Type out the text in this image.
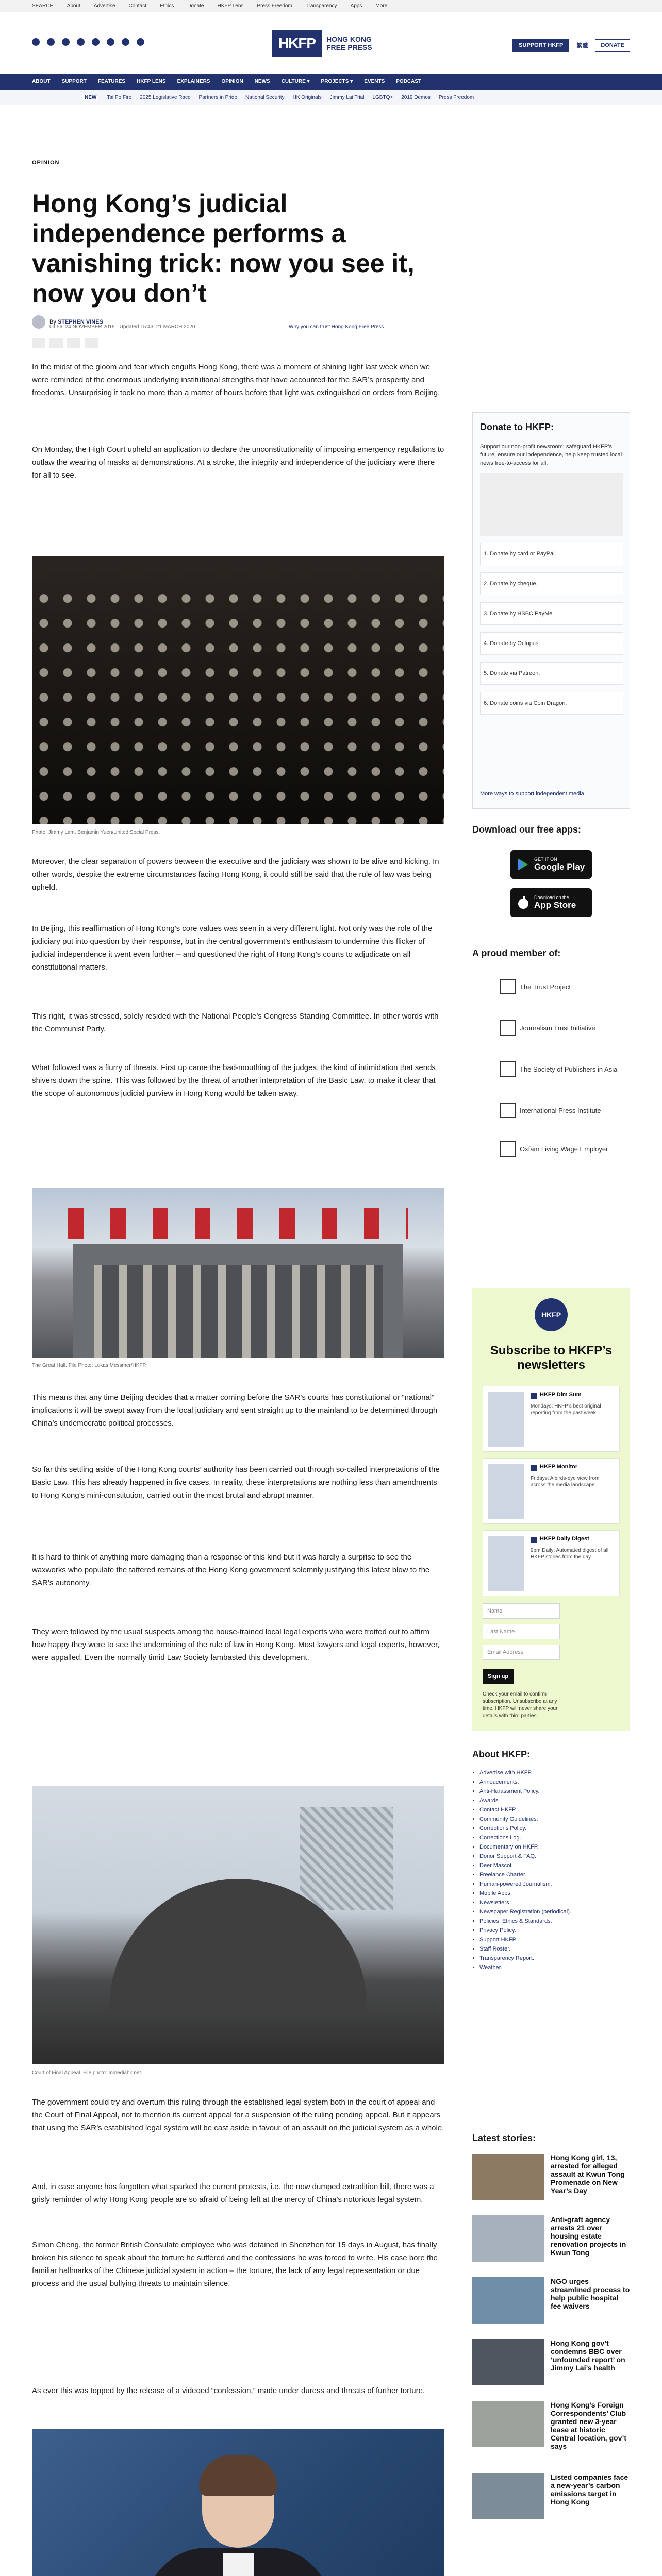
SEARCH	About	Advertise	Contact	Ethics	Donate	HKFP Lens	Press Freedom	Transparency	Apps	More
HKFP	HONG KONG
FREE PRESS	SUPPORT HKFP	繁體	DONATE
ABOUT SUPPORT FEATURES HKFP LENS EXPLAINERS OPINION NEWS CULTURE ▾ PROJECTS ▾ EVENTS PODCAST
NEW	Tai Po Fire 2025 Legislative Race Partners in Pride National Security HK Originals Jimmy Lai Trial LGBTQ+ 2019 Demos Press Freedom
OPINION
Hong Kong’s judicial independence performs a vanishing trick: now you see it, now you don’t
By STEPHEN VINES
09:56, 24 NOVEMBER 2019 · Updated 15:43, 21 MARCH 2020	Why you can trust Hong Kong Free Press

In the midst of the gloom and fear which engulfs Hong Kong, there was a moment of shining light last week when we were reminded of the enormous underlying institutional strengths that have accounted for the SAR’s prosperity and freedoms. Unsurprising it took no more than a matter of hours before that light was extinguished on orders from Beijing.

On Monday, the High Court upheld an application to declare the unconstitutionality of imposing emergency regulations to outlaw the wearing of masks at demonstrations. At a stroke, the integrity and independence of the judiciary were there for all to see.

Photo: Jimmy Lam, Benjamin Yuen/United Social Press.

Moreover, the clear separation of powers between the executive and the judiciary was shown to be alive and kicking. In other words, despite the extreme circumstances facing Hong Kong, it could still be said that the rule of law was being upheld.

In Beijing, this reaffirmation of Hong Kong’s core values was seen in a very different light. Not only was the role of the judiciary put into question by their response, but in the central government’s enthusiasm to undermine this flicker of judicial independence it went even further – and questioned the right of Hong Kong’s courts to adjudicate on all constitutional matters.

This right, it was stressed, solely resided with the National People’s Congress Standing Committee. In other words with the Communist Party.

What followed was a flurry of threats. First up came the bad-mouthing of the judges, the kind of intimidation that sends shivers down the spine. This was followed by the threat of another interpretation of the Basic Law, to make it clear that the scope of autonomous judicial purview in Hong Kong would be taken away.

The Great Hall. File Photo: Lukas Messmer/HKFP.

This means that any time Beijing decides that a matter coming before the SAR’s courts has constitutional or “national” implications it will be swept away from the local judiciary and sent straight up to the mainland to be determined through China’s undemocratic political processes.

So far this settling aside of the Hong Kong courts’ authority has been carried out through so-called interpretations of the Basic Law. This has already happened in five cases. In reality, these interpretations are nothing less than amendments to Hong Kong’s mini-constitution, carried out in the most brutal and abrupt manner.

It is hard to think of anything more damaging than a response of this kind but it was hardly a surprise to see the waxworks who populate the tattered remains of the Hong Kong government solemnly justifying this latest blow to the SAR’s autonomy.

They were followed by the usual suspects among the house-trained local legal experts who were trotted out to affirm how happy they were to see the undermining of the rule of law in Hong Kong. Most lawyers and legal experts, however, were appalled. Even the normally timid Law Society lambasted this development.

Court of Final Appeal. File photo: Inmediahk.net.

The government could try and overturn this ruling through the established legal system both in the court of appeal and the Court of Final Appeal, not to mention its current appeal for a suspension of the ruling pending appeal. But it appears that using the SAR’s established legal system will be cast aside in favour of an assault on the judicial system as a whole.

And, in case anyone has forgotten what sparked the current protests, i.e. the now dumped extradition bill, there was a grisly reminder of why Hong Kong people are so afraid of being left at the mercy of China’s notorious legal system.

Simon Cheng, the former British Consulate employee who was detained in Shenzhen for 15 days in August, has finally broken his silence to speak about the torture he suffered and the confessions he was forced to write. His case bore the familiar hallmarks of the Chinese judicial system in action – the torture, the lack of any legal representation or due process and the usual bullying threats to maintain silence.

As ever this was topped by the release of a videoed “confession,” made under duress and threats of further torture.

Donate to HKFP:
Support our non-profit newsroom: safeguard HKFP’s future, ensure our independence, help keep trusted local news free-to-access for all.
1. Donate by card or PayPal.
2. Donate by cheque.
3. Donate by HSBC PayMe.
4. Donate by Octopus.
5. Donate via Patreon.
6. Donate coins via Coin Dragon.
More ways to support independent media.
Download our free apps:
GET IT ON
Google Play
Download on the
App Store
A proud member of:
The Trust Project
Journalism Trust Initiative
The Society of Publishers in Asia
International Press Institute
Oxfam Living Wage Employer
HKFP
Subscribe to HKFP’s newsletters
HKFP Dim Sum
Mondays: HKFP’s best original reporting from the past week.
HKFP Monitor
Fridays: A birds-eye view from across the media landscape.
HKFP Daily Digest
9pm Daily: Automated digest of all HKFP stories from the day.
Name
Last Name
Email Address
Sign up
Check your email to confirm subscription. Unsubscribe at any time. HKFP will never share your details with third parties.
About HKFP:
• Advertise with HKFP.
• Annoucements.
• Anti-Harassment Policy.
• Awards.
• Contact HKFP.
• Community Guidelines.
• Corrections Policy.
• Corrections Log.
• Documentary on HKFP.
• Donor Support & FAQ.
• Deer Mascot.
• Freelance Charter.
• Human-powered Journalism.
• Mobile Apps.
• Newsletters.
• Newspaper Registration (periodical).
• Policies, Ethics & Standards.
• Privacy Policy.
• Support HKFP.
• Staff Roster.
• Transparency Report.
• Weather.
Latest stories:
Hong Kong girl, 13, arrested for alleged assault at Kwun Tong Promenade on New Year’s Day
Anti-graft agency arrests 21 over housing estate renovation projects in Kwun Tong
NGO urges streamlined process to help public hospital fee waivers
Hong Kong gov’t condemns BBC over ‘unfounded report’ on Jimmy Lai’s health
Hong Kong’s Foreign Correspondents’ Club granted new 3-year lease at historic Central location, gov’t says
Listed companies face a new-year’s carbon emissions target in Hong Kong
